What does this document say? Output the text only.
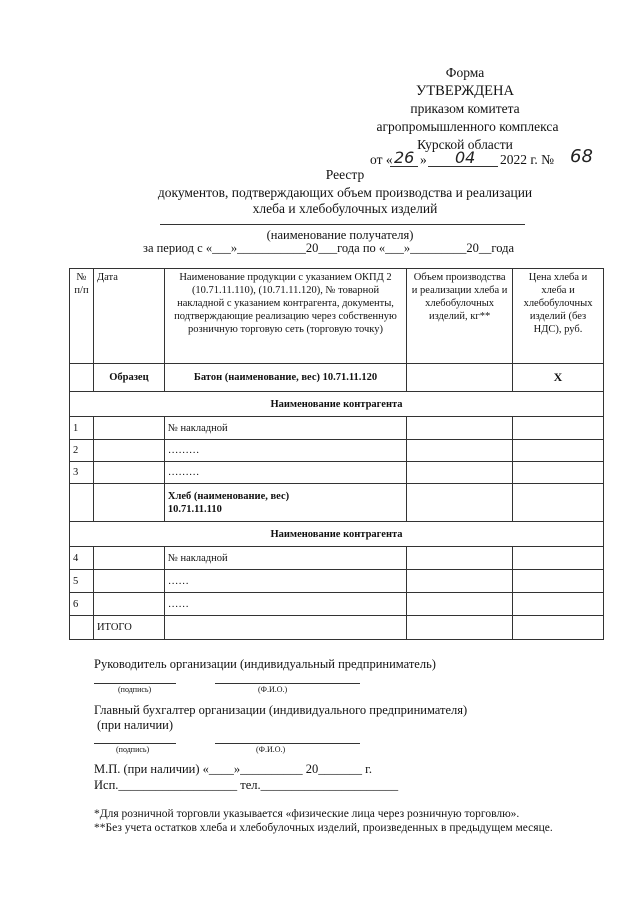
Форма
УТВЕРЖДЕНА
приказом комитета
агропромышленного комплекса
Курской области
от « 26 » 04 2022 г. № 68
Реестр
документов, подтверждающих объем производства и реализации
хлеба и хлебобулочных изделий
(наименование получателя)
за период с «___»___________20___года по «___»_________20__года
№ п/п	Дата	Наименование продукции с указанием ОКПД 2 (10.71.11.110), (10.71.11.120), № товарной накладной с указанием контрагента, документы, подтверждающие реализацию через собственную розничную торговую сеть (торговую точку)	Объем производства и реализации хлеба и хлебобулочных изделий, кг**	Цена хлеба и хлеба и хлебобулочных изделий (без НДС), руб.
	Образец	Батон (наименование, вес) 10.71.11.120		Х
Наименование контрагента				
1		№ накладной		
2		………		
3		………		

		Хлеб (наименование, вес)
10.71.11.110		

Наименование контрагента				
4		№ накладной		
5		……		
6		……		
	ИТОГО			
Руководитель организации (индивидуальный предприниматель)
(подпись)	(Ф.И.О.)
Главный бухгалтер организации (индивидуального предпринимателя)
(при наличии)
(подпись)	(Ф.И.О.)
М.П. (при наличии) «____»__________ 20_______ г.
Исп.___________________ тел.______________________
*Для розничной торговли указывается «физические лица через розничную торговлю».
**Без учета остатков хлеба и хлебобулочных изделий, произведенных в предыдущем месяце.
